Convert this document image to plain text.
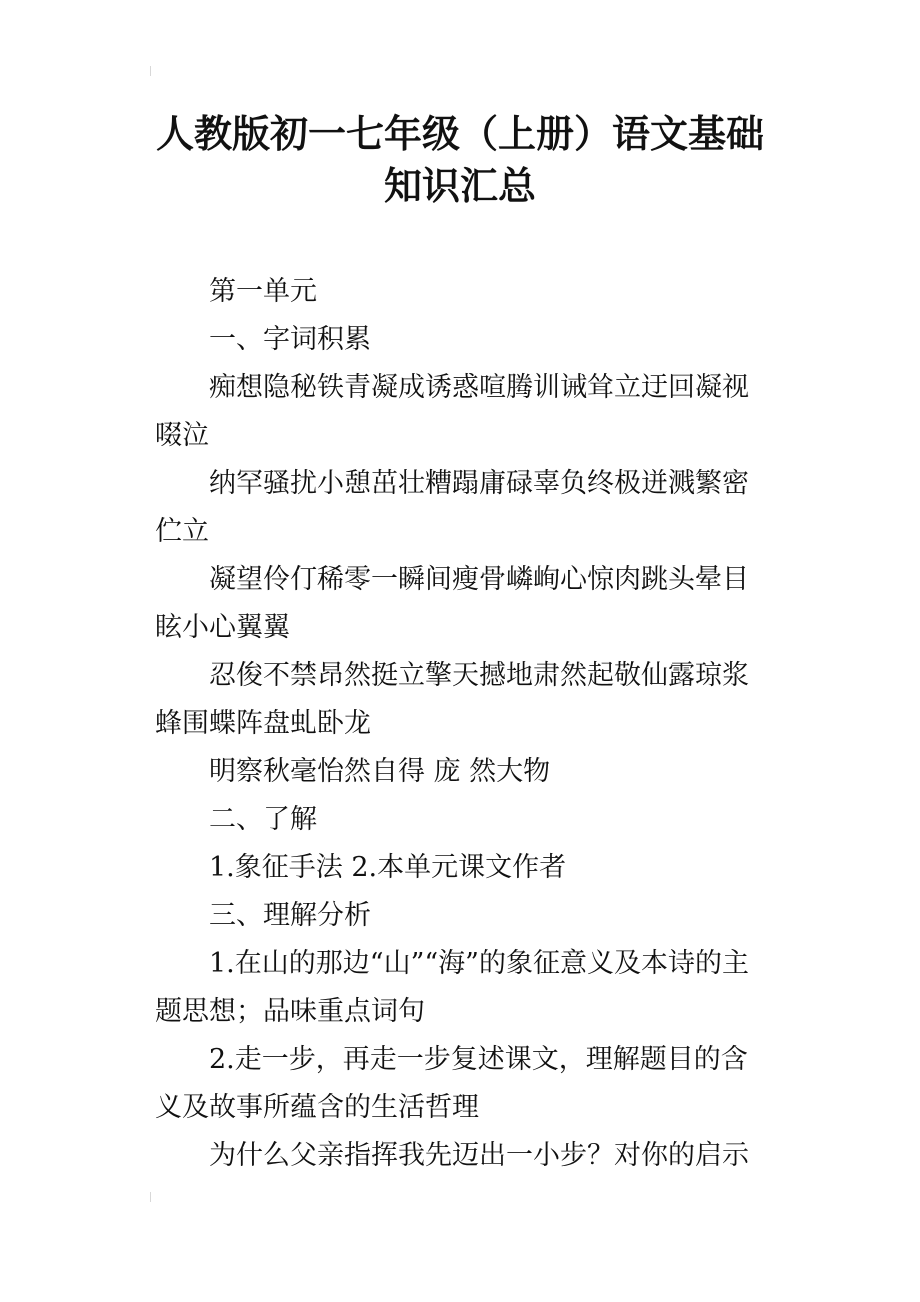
人教版初一七年级（上册）语文基础
知识汇总

第一单元

一、字词积累

痴想隐秘铁青凝成诱惑喧腾训诫耸立迂回凝视啜泣

纳罕骚扰小憩茁壮糟蹋庸碌辜负终极迸溅繁密伫立

凝望伶仃稀零一瞬间瘦骨嶙峋心惊肉跳头晕目眩小心翼翼

忍俊不禁昂然挺立擎天撼地肃然起敬仙露琼浆蜂围蝶阵盘虬卧龙

明察秋毫怡然自得 庞 然大物

二、了解

1.象征手法 2.本单元课文作者

三、理解分析

1.在山的那边“山”“海”的象征意义及本诗的主题思想；品味重点词句

2.走一步，再走一步复述课文，理解题目的含义及故事所蕴含的生活哲理

为什么父亲指挥我先迈出一小步？对你的启示
